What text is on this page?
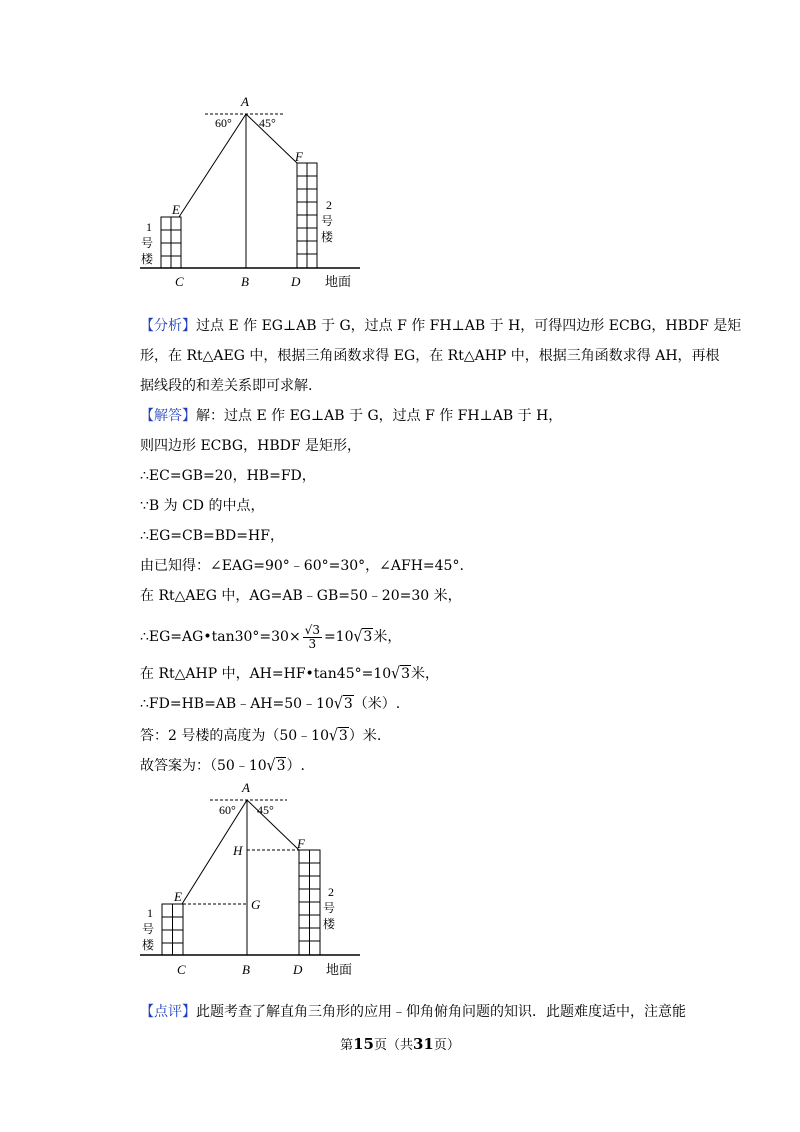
A
60° 45°
E
F
C	B	D 地面
1
号
楼
2
号
楼
【分析】过点 E 作 EG⊥AB 于 G，过点 F 作 FH⊥AB 于 H，可得四边形 ECBG，HBDF 是矩
形，在 Rt△AEG 中，根据三角函数求得 EG，在 Rt△AHP 中，根据三角函数求得 AH，再根
据线段的和差关系即可求解.
【解答】解：过点 E 作 EG⊥AB 于 G，过点 F 作 FH⊥AB 于 H，
则四边形 ECBG，HBDF 是矩形，
∴EC=GB=20，HB=FD，
∵B 为 CD 的中点，
∴EG=CB=BD=HF，
由已知得：∠EAG=90°﹣60°=30°，∠AFH=45°.
在 Rt△AEG 中，AG=AB﹣GB=50﹣20=30 米，
∴EG=AG•tan30°=30× $\frac{√3}{3} =10√3$米，
在 Rt△AHP 中，AH=HF•tan45°=10√3米，
∴FD=HB=AB﹣AH=50﹣10√3（米）.
答：2 号楼的高度为（50﹣10√3）米.
故答案为：（50﹣10√3）.
A
60° 45°
H
G
E
F
C	B	D 地面
1
号
楼
2
号
楼
【点评】此题考查了解直角三角形的应用﹣仰角俯角问题的知识．此题难度适中，注意能
第15页（共31页）
